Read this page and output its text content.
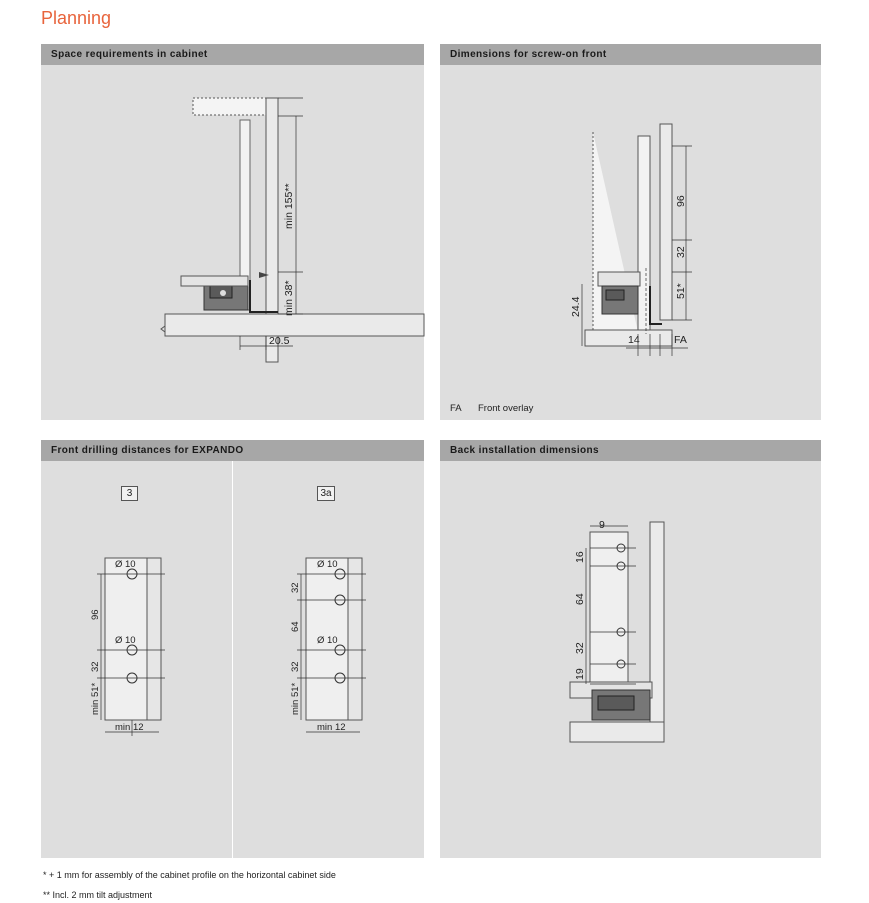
Planning
Space requirements in cabinet
min 155**
min 38*
20.5
Dimensions for screw-on front
96
32
51*
24.4
14	FA
FA Front overlay
Front drilling distances for EXPANDO
3	3a
Ø 10
Ø 10
96
32
min 51*
min 12
Ø 10
Ø 10
32
64
32
min 51*
min 12
Back installation dimensions
9
16
64
32
19
* + 1 mm for assembly of the cabinet profile on the horizontal cabinet side
** Incl. 2 mm tilt adjustment
